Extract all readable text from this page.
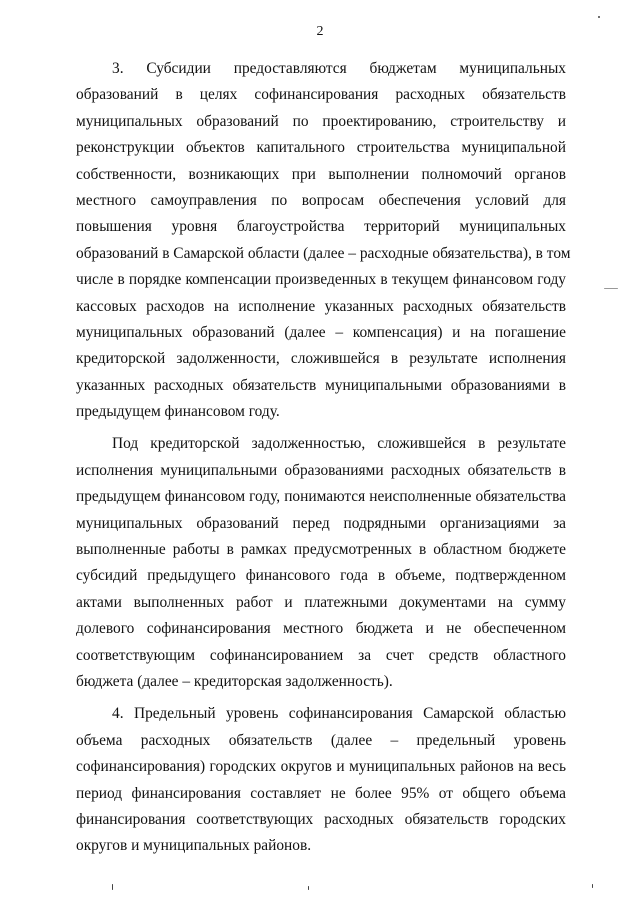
2
3. Субсидии предоставляются бюджетам муниципальных
образований в целях софинансирования расходных обязательств
муниципальных образований по проектированию, строительству и
реконструкции объектов капитального строительства муниципальной
собственности, возникающих при выполнении полномочий органов
местного самоуправления по вопросам обеспечения условий для
повышения уровня благоустройства территорий муниципальных
образований в Самарской области (далее – расходные обязательства), в том
числе в порядке компенсации произведенных в текущем финансовом году
кассовых расходов на исполнение указанных расходных обязательств
муниципальных образований (далее – компенсация) и на погашение
кредиторской задолженности, сложившейся в результате исполнения
указанных расходных обязательств муниципальными образованиями в
предыдущем финансовом году.
Под кредиторской задолженностью, сложившейся в результате
исполнения муниципальными образованиями расходных обязательств в
предыдущем финансовом году, понимаются неисполненные обязательства
муниципальных образований перед подрядными организациями за
выполненные работы в рамках предусмотренных в областном бюджете
субсидий предыдущего финансового года в объеме, подтвержденном
актами выполненных работ и платежными документами на сумму
долевого софинансирования местного бюджета и не обеспеченном
соответствующим софинансированием за счет средств областного
бюджета (далее – кредиторская задолженность).
4. Предельный уровень софинансирования Самарской областью
объема расходных обязательств (далее – предельный уровень
софинансирования) городских округов и муниципальных районов на весь
период финансирования составляет не более 95% от общего объема
финансирования соответствующих расходных обязательств городских
округов и муниципальных районов.
